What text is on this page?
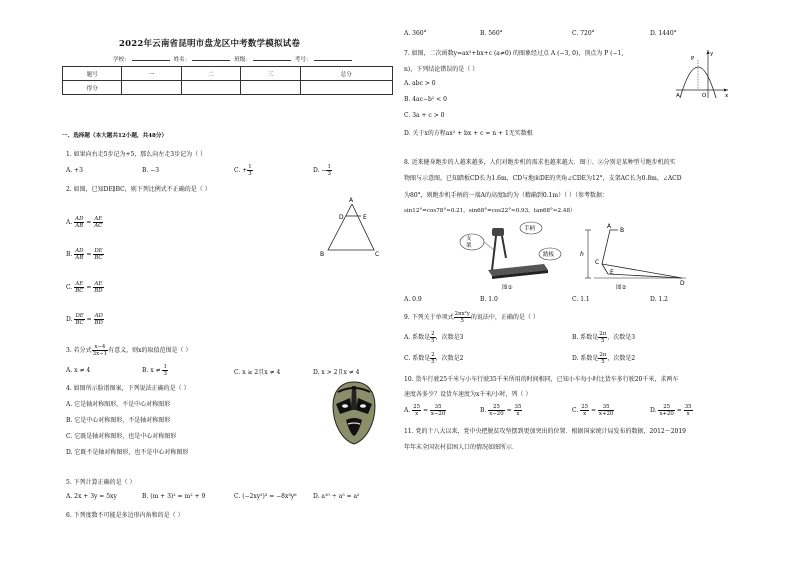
2022年云南省昆明市盘龙区中考数学模拟试卷
学校：	姓名：	班级：	考号：
题号	一	二	三	总分
得分				
一、选择题（本大题共12小题，共48分）
1. 如果向右走5步记为+5，那么向左走3步记为（ ）
A. +3	B. −3	C. + $\frac{1}{3}$	D. − $\frac{1}{3}$
2. 如图，已知DE∥BC，则下列比例式不正确的是（ ）
A. $\frac{AD}{AB} = \frac{AE}{AC}$
B. $\frac{AD}{AB} = \frac{DE}{BC}$
C. $\frac{AE}{BC} = \frac{AE}{BD}$
D. $\frac{DE}{BC} = \frac{AD}{BD}$
A
D	E
B	C
3. 若分式 $\frac{x-4}{3x-1}$ 有意义，则x的取值范围是（ ）
A. x ≠ 4	B. $x \ne \frac{1}{3}$	C. x ≥ 2且x ≠ 4	D. x > 2且x ≠ 4
4. 如图所示脸谱图案，下列说法正确的是（ ）
A. 它是轴对称图形，不是中心对称图形
B. 它是中心对称图形，不是轴对称图形
C. 它既是轴对称图形，也是中心对称图形
D. 它既不是轴对称图形，也不是中心对称图形
5. 下列计算正确的是（ ）
A. 2x + 3y = 5xy	B. (m + 3)² = m² + 9	C. (−2xy²)³ = −8x³y⁶	D. a¹⁰ ÷ a⁵ = a²
6. 下列度数不可能是多边形内角和的是（ ）
A. 360°	B. 560°	C. 720°	D. 1440°
7. 如图，二次函数y=ax²+bx+c (a≠0) 的图象经过点 A (−3, 0)，顶点为 P (−1,
n)，下列结论错误的是（ ）
A. abc > 0
B. 4ac−b² < 0
C. 3a + c > 0
D. 关于x的方程ax² + bx + c = n + 1无实数根
P
y
A	O	x
8. 近来健身跑步的人越来越多，人们对跑步机的需求也越来越大．图①、②分别是某种型号跑步机的实
物图与示意图，已知踏板CD长为1.6m，CD与地面DE的夹角∠CDE为12°，支架AC长为0.8m，∠ACD
为80°，则跑步机手柄的一端A的高度h约为（精确到0.1m）（ ）（参考数据：
sin12°=cos78°≈0.21，sin68°=cos22°≈0.93，tan68°≈2.48）
支
架
手柄
踏板
图①
h
A
B
C
E
D
图②
A. 0.9	B. 1.0	C. 1.1	D. 1.2
9. 下列关于单项式 $\frac{\text{2πx²y}}{5}$ 的说法中，正确的是（ ）
A. 系数是 $\frac{2}{5}$ ，次数是3	B. 系数是 $\frac{2\pi}{5}$ ，次数是3
C. 系数是 $\frac{2}{5}$ ，次数是2	D. 系数是 $\frac{2\pi}{5}$ ，次数是2
10. 货车行驶25千米与小车行驶35千米所用的时间相同，已知小车每小时比货车多行驶20千米，求两车
速度各多少？设货车速度为x千米/小时，列（ ）
A. $\frac{25}{x} = \frac{35}{x-20}$	B. $\frac{25}{x-20} = \frac{35}{x}$	C. $\frac{25}{x} = \frac{35}{x+20}$	D. $\frac{25}{x+20} = \frac{35}{x}$
11. 党的十八大以来，党中央把脱贫攻坚摆到更加突出的位置．根据国家统计局发布的数据，2012～2019
年年末全国农村贫困人口的情况如图所示．
